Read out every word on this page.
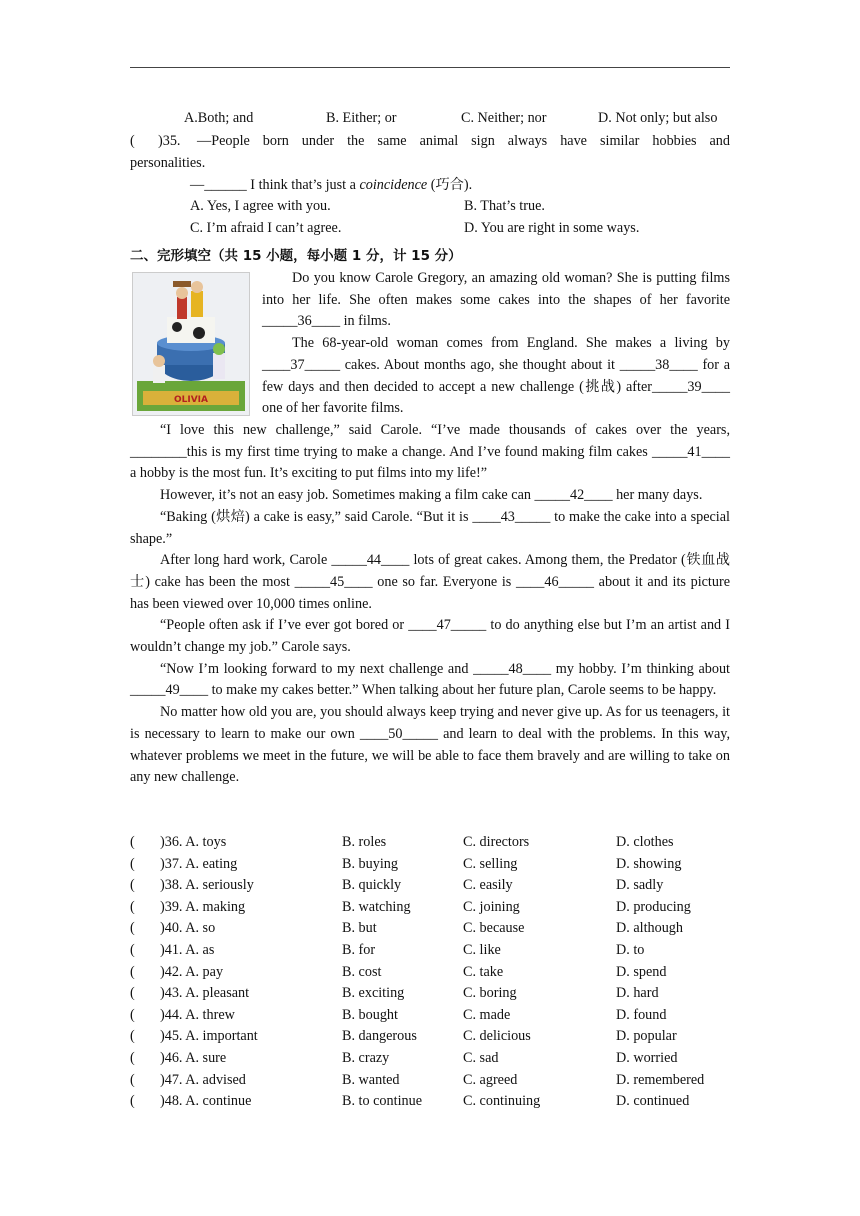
A.Both; and	B. Either; or	C. Neither; nor	D. Not only; but also
( )35. —People born under the same animal sign always have similar hobbies and
personalities.
—______ I think that’s just a coincidence (巧合).
A. Yes, I agree with you.	B. That’s true.
C. I’m afraid I can’t agree.	D. You are right in some ways.
二、完形填空（共 15 小题，每小题 1 分，计 15 分）
OLIVIA
Do you know Carole Gregory, an amazing old woman? She is putting films into her life. She often makes some cakes into the shapes of her favorite _____36____ in films.
The 68-year-old woman comes from England. She makes a living by ____37_____ cakes. About months ago, she thought about it _____38____ for a few days and then decided to accept a new challenge (挑战) after_____39____ one of her favorite films.
“I love this new challenge,” said Carole. “I’ve made thousands of cakes over the years, ________this is my first time trying to make a change. And I’ve found making film cakes _____41____ a hobby is the most fun. It’s exciting to put films into my life!”
However, it’s not an easy job. Sometimes making a film cake can _____42____ her many days.
“Baking (烘焙) a cake is easy,” said Carole. “But it is ____43_____ to make the cake into a special shape.”
After long hard work, Carole _____44____ lots of great cakes. Among them, the Predator (铁血战士) cake has been the most _____45____ one so far. Everyone is ____46_____ about it and its picture has been viewed over 10,000 times online.
“People often ask if I’ve ever got bored or ____47_____ to do anything else but I’m an artist and I wouldn’t change my job.” Carole says.
“Now I’m looking forward to my next challenge and _____48____ my hobby. I’m thinking about _____49____ to make my cakes better.” When talking about her future plan, Carole seems to be happy.
No matter how old you are, you should always keep trying and never give up. As for us teenagers, it is necessary to learn to make our own ____50_____ and learn to deal with the problems. In this way, whatever problems we meet in the future, we will be able to face them bravely and are willing to take on any new challenge.
( )36. A. toys	B. roles	C. directors	D. clothes
( )37. A. eating	B. buying	C. selling	D. showing
( )38. A. seriously	B. quickly	C. easily	D. sadly
( )39. A. making	B. watching	C. joining	D. producing
( )40. A. so	B. but	C. because	D. although
( )41. A. as	B. for	C. like	D. to
( )42. A. pay	B. cost	C. take	D. spend
( )43. A. pleasant	B. exciting	C. boring	D. hard
( )44. A. threw	B. bought	C. made	D. found
( )45. A. important	B. dangerous	C. delicious	D. popular
( )46. A. sure	B. crazy	C. sad	D. worried
( )47. A. advised	B. wanted	C. agreed	D. remembered
( )48. A. continue	B. to continue	C. continuing	D. continued
